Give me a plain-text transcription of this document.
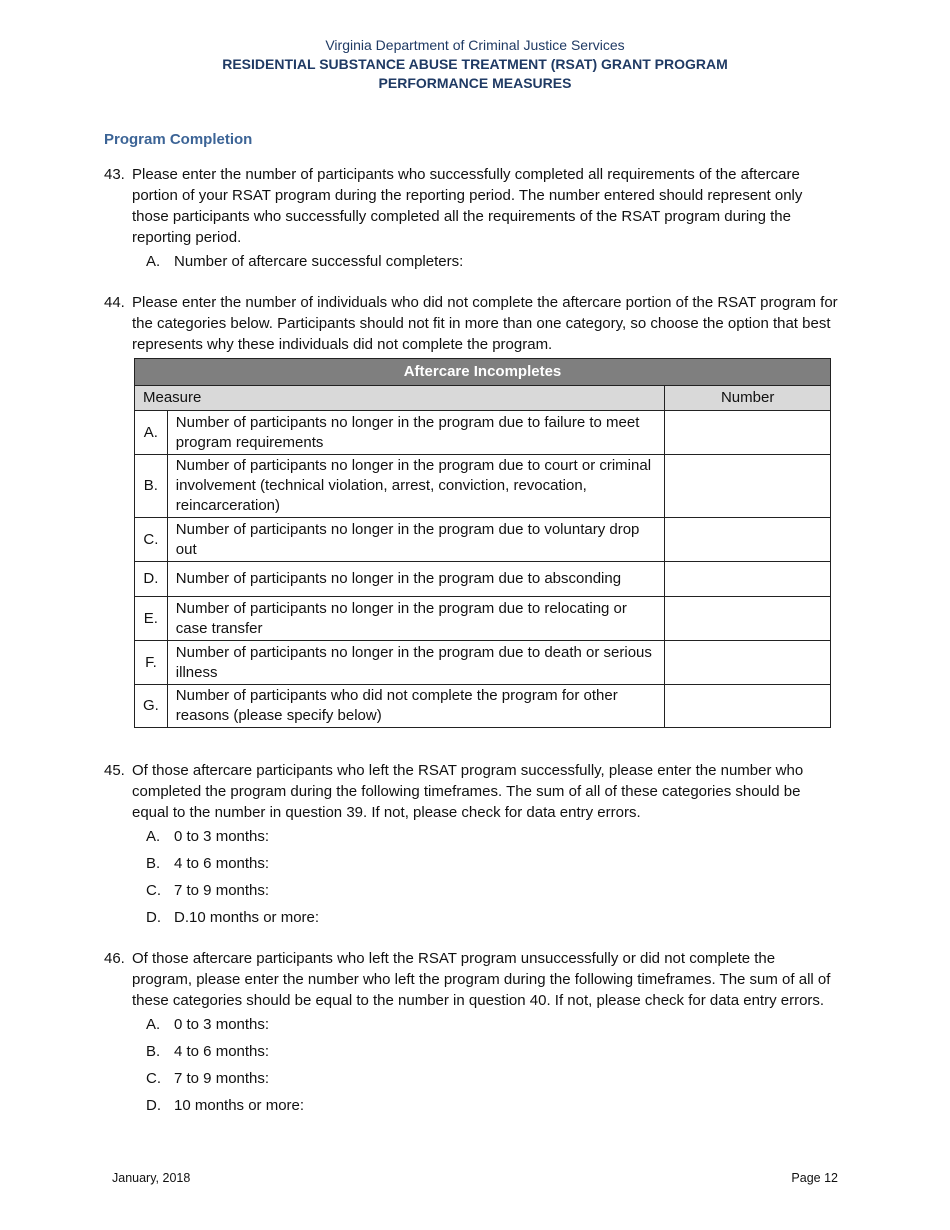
Virginia Department of Criminal Justice Services
RESIDENTIAL SUBSTANCE ABUSE TREATMENT (RSAT) GRANT PROGRAM
PERFORMANCE MEASURES
Program Completion
43. Please enter the number of participants who successfully completed all requirements of the aftercare portion of your RSAT program during the reporting period. The number entered should represent only those participants who successfully completed all the requirements of the RSAT program during the reporting period.
A. Number of aftercare successful completers:
44. Please enter the number of individuals who did not complete the aftercare portion of the RSAT program for the categories below. Participants should not fit in more than one category, so choose the option that best represents why these individuals did not complete the program.
Aftercare Incompletes		
Measure		Number
A.	Number of participants no longer in the program due to failure to meet program requirements	
B.	Number of participants no longer in the program due to court or criminal involvement (technical violation, arrest, conviction, revocation, reincarceration)	
C.	Number of participants no longer in the program due to voluntary drop out	
D.	Number of participants no longer in the program due to absconding	
E.	Number of participants no longer in the program due to relocating or case transfer	
F.	Number of participants no longer in the program due to death or serious illness	
G.	Number of participants who did not complete the program for other reasons (please specify below)	
45. Of those aftercare participants who left the RSAT program successfully, please enter the number who completed the program during the following timeframes. The sum of all of these categories should be equal to the number in question 39. If not, please check for data entry errors.
A. 0 to 3 months:
B. 4 to 6 months:
C. 7 to 9 months:
D. D.10 months or more:
46. Of those aftercare participants who left the RSAT program unsuccessfully or did not complete the program, please enter the number who left the program during the following timeframes. The sum of all of these categories should be equal to the number in question 40. If not, please check for data entry errors.
A. 0 to 3 months:
B. 4 to 6 months:
C. 7 to 9 months:
D. 10 months or more:
January, 2018	Page 12
